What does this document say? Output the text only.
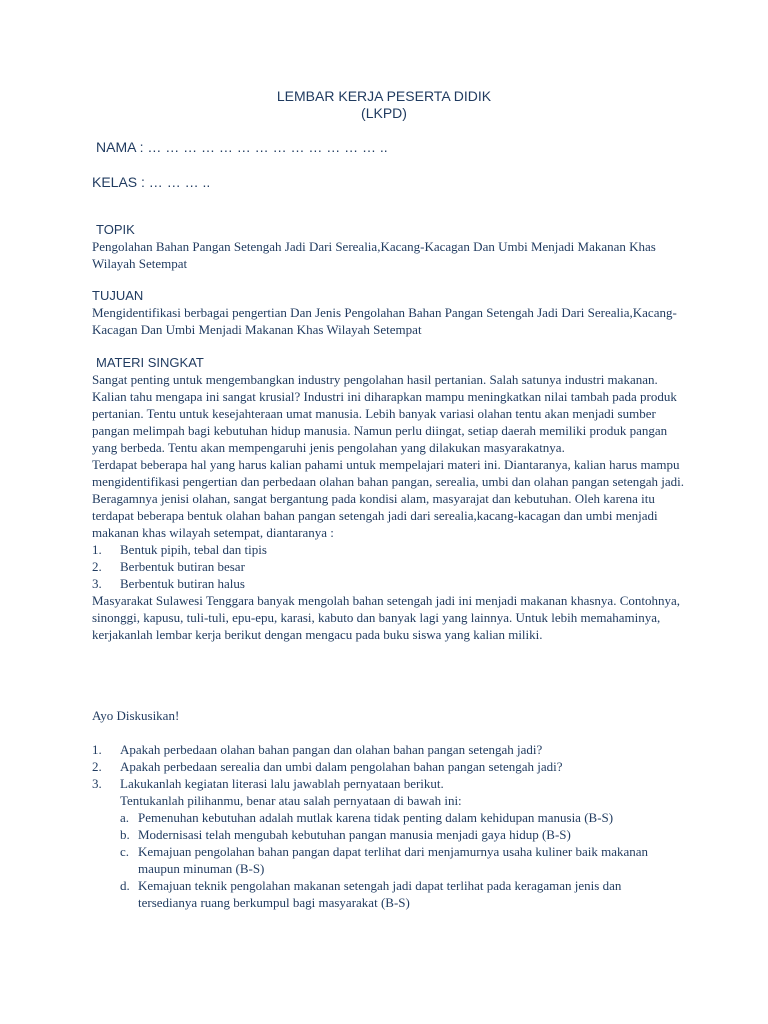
LEMBAR KERJA PESERTA DIDIK
(LKPD)
NAMA : … … … … … … … … … … … … … ..
KELAS : … … … ..
TOPIK

Pengolahan Bahan Pangan Setengah Jadi Dari Serealia,Kacang-Kacagan Dan Umbi Menjadi Makanan Khas Wilayah Setempat

TUJUAN

Mengidentifikasi berbagai pengertian Dan Jenis Pengolahan Bahan Pangan Setengah Jadi Dari Serealia,Kacang-Kacagan Dan Umbi Menjadi Makanan Khas Wilayah Setempat

MATERI SINGKAT

Sangat penting untuk mengembangkan industry pengolahan hasil pertanian. Salah satunya industri makanan. Kalian tahu mengapa ini sangat krusial? Industri ini diharapkan mampu meningkatkan nilai tambah pada produk pertanian. Tentu untuk kesejahteraan umat manusia. Lebih banyak variasi olahan tentu akan menjadi sumber pangan melimpah bagi kebutuhan hidup manusia. Namun perlu diingat, setiap daerah memiliki produk pangan yang berbeda. Tentu akan mempengaruhi jenis pengolahan yang dilakukan masyarakatnya.

Terdapat beberapa hal yang harus kalian pahami untuk mempelajari materi ini. Diantaranya, kalian harus mampu mengidentifikasi pengertian dan perbedaan olahan bahan pangan, serealia, umbi dan olahan pangan setengah jadi. Beragamnya jenisi olahan, sangat bergantung pada kondisi alam, masyarajat dan kebutuhan. Oleh karena itu terdapat beberapa bentuk olahan bahan pangan setengah jadi dari serealia,kacang-kacagan dan umbi menjadi makanan khas wilayah setempat, diantaranya :

1.	Bentuk pipih, tebal dan tipis
2.	Berbentuk butiran besar
3.	Berbentuk butiran halus

Masyarakat Sulawesi Tenggara banyak mengolah bahan setengah jadi ini menjadi makanan khasnya. Contohnya, sinonggi, kapusu, tuli-tuli, epu-epu, karasi, kabuto dan banyak lagi yang lainnya. Untuk lebih memahaminya, kerjakanlah lembar kerja berikut dengan mengacu pada buku siswa yang kalian miliki.

Ayo Diskusikan!
1.	Apakah perbedaan olahan bahan pangan dan olahan bahan pangan setengah jadi?
2.	Apakah perbedaan serealia dan umbi dalam pengolahan bahan pangan setengah jadi?
3.	Lakukanlah kegiatan literasi lalu jawablah pernyataan berikut.
Tentukanlah pilihanmu, benar atau salah pernyataan di bawah ini:
a. Pemenuhan kebutuhan adalah mutlak karena tidak penting dalam kehidupan manusia (B-S)
b. Modernisasi telah mengubah kebutuhan pangan manusia menjadi gaya hidup (B-S)
c. Kemajuan pengolahan bahan pangan dapat terlihat dari menjamurnya usaha kuliner baik makanan maupun minuman (B-S)
d. Kemajuan teknik pengolahan makanan setengah jadi dapat terlihat pada keragaman jenis dan tersedianya ruang berkumpul bagi masyarakat (B-S)
